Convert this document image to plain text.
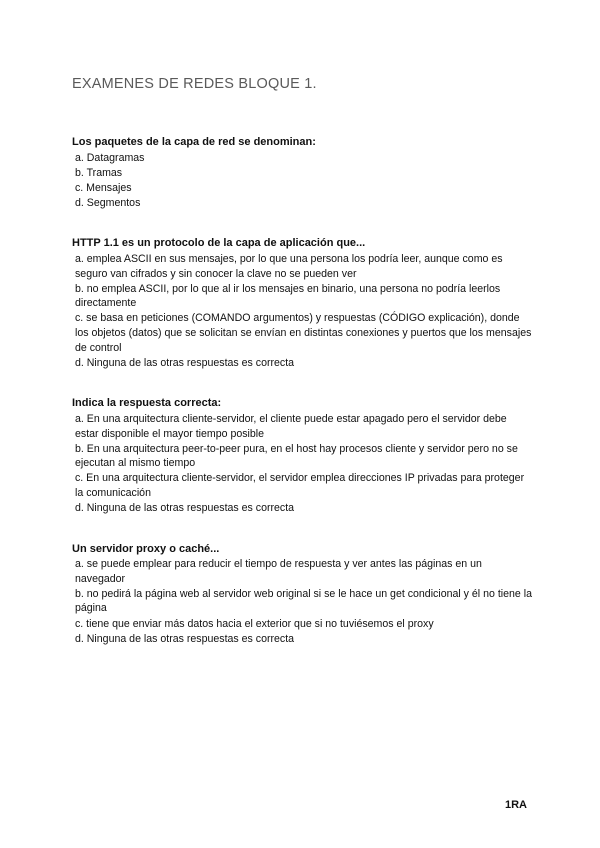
EXAMENES DE REDES BLOQUE 1.
Los paquetes de la capa de red se denominan:
a. Datagramas
b. Tramas
c. Mensajes
d. Segmentos
HTTP 1.1 es un protocolo de la capa de aplicación que...
a. emplea ASCII en sus mensajes, por lo que una persona los podría leer, aunque como es seguro van cifrados y sin conocer la clave no se pueden ver
b. no emplea ASCII, por lo que al ir los mensajes en binario, una persona no podría leerlos directamente
c. se basa en peticiones (COMANDO argumentos) y respuestas (CÓDIGO explicación), donde los objetos (datos) que se solicitan se envían en distintas conexiones y puertos que los mensajes de control
d. Ninguna de las otras respuestas es correcta
Indica la respuesta correcta:
a. En una arquitectura cliente-servidor, el cliente puede estar apagado pero el servidor debe estar disponible el mayor tiempo posible
b. En una arquitectura peer-to-peer pura, en el host hay procesos cliente y servidor pero no se ejecutan al mismo tiempo
c. En una arquitectura cliente-servidor, el servidor emplea direcciones IP privadas para proteger la comunicación
d. Ninguna de las otras respuestas es correcta
Un servidor proxy o caché...
a. se puede emplear para reducir el tiempo de respuesta y ver antes las páginas en un navegador
b. no pedirá la página web al servidor web original si se le hace un get condicional y él no tiene la página
c. tiene que enviar más datos hacia el exterior que si no tuviésemos el proxy
d. Ninguna de las otras respuestas es correcta
1RA
